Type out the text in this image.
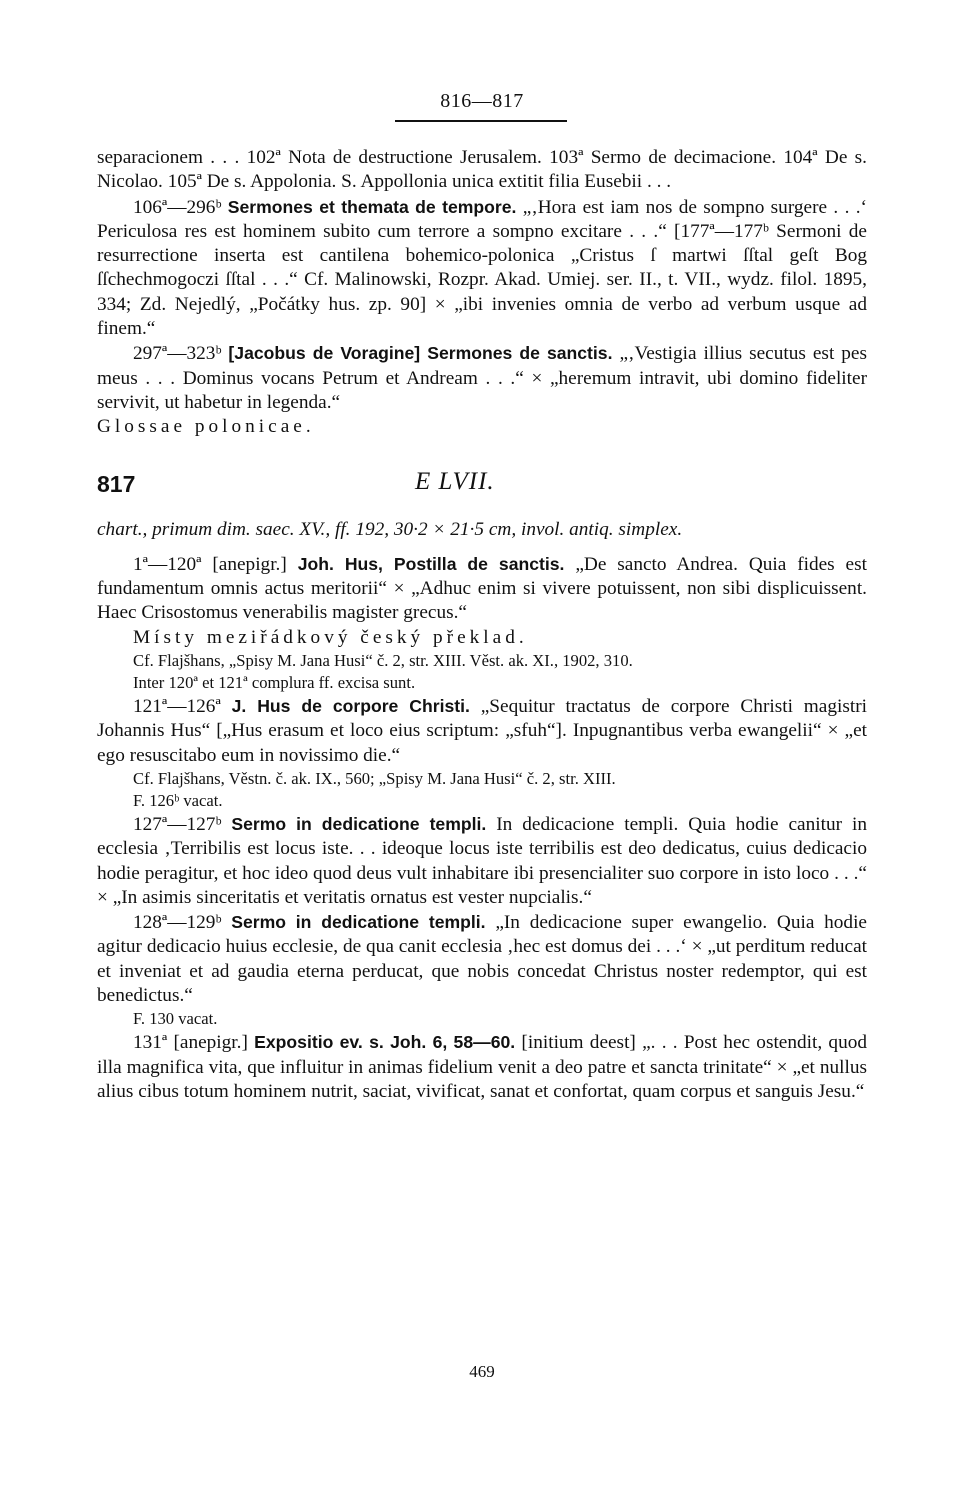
816—817

separacionem . . . 102ª Nota de destructione Jerusalem. 103ª Sermo de decimacione. 104ª De s. Nicolao. 105ª De s. Appolonia. S. Appollonia unica extitit filia Eusebii . . .

106ª—296ᵇ Sermones et themata de tempore. „‚Hora est iam nos de sompno surgere . . .‘ Periculosa res est hominem subito cum terrore a sompno excitare . . .“ [177ª—177ᵇ Sermoni de resurrectione inserta est cantilena bohemico-polonica „Cristus ſ martwi ſſtal geſt Bog ſſchechmogoczi ſſtal . . .“ Cf. Malinowski, Rozpr. Akad. Umiej. ser. II., t. VII., wydz. filol. 1895, 334; Zd. Nejedlý, „Počátky hus. zp. 90] × „ibi invenies omnia de verbo ad verbum usque ad finem.“

297ª—323ᵇ [Jacobus de Voragine] Sermones de sanctis. „‚Vestigia illius secutus est pes meus . . . Dominus vocans Petrum et Andream . . .“ × „heremum intravit, ubi domino fideliter servivit, ut habetur in legenda.“

Glossae polonicae.

817	E LVII.

chart., primum dim. saec. XV., ff. 192, 30·2 × 21·5 cm, invol. antiq. simplex.

1ª—120ª [anepigr.] Joh. Hus, Postilla de sanctis. „De sancto Andrea. Quia fides est fundamentum omnis actus meritorii“ × „Adhuc enim si vivere potuissent, non sibi displicuissent. Haec Crisostomus venerabilis magister grecus.“

Místy meziřádkový český překlad.

Cf. Flajšhans, „Spisy M. Jana Husi“ č. 2, str. XIII. Věst. ak. XI., 1902, 310.

Inter 120ª et 121ª complura ff. excisa sunt.

121ª—126ª J. Hus de corpore Christi. „Sequitur tractatus de corpore Christi magistri Johannis Hus“ [„Hus erasum et loco eius scriptum: „sfuh“]. Inpugnantibus verba ewangelii“ × „et ego resuscitabo eum in novissimo die.“

Cf. Flajšhans, Věstn. č. ak. IX., 560; „Spisy M. Jana Husi“ č. 2, str. XIII.

F. 126ᵇ vacat.

127ª—127ᵇ Sermo in dedicatione templi. In dedicacione templi. Quia hodie canitur in ecclesia ‚Terribilis est locus iste. . . ideoque locus iste terribilis est deo dedicatus, cuius dedicacio hodie peragitur, et hoc ideo quod deus vult inhabitare ibi presencialiter suo corpore in isto loco . . .“ × „In asimis sinceritatis et veritatis ornatus est vester nupcialis.“

128ª—129ᵇ Sermo in dedicatione templi. „In dedicacione super ewangelio. Quia hodie agitur dedicacio huius ecclesie, de qua canit ecclesia ‚hec est domus dei . . .‘ × „ut perditum reducat et inveniat et ad gaudia eterna perducat, que nobis concedat Christus noster redemptor, qui est benedictus.“

F. 130 vacat.

131ª [anepigr.] Expositio ev. s. Joh. 6, 58—60. [initium deest] „. . . Post hec ostendit, quod illa magnifica vita, que influitur in animas fidelium venit a deo patre et sancta trinitate“ × „et nullus alius cibus totum hominem nutrit, saciat, vivificat, sanat et confortat, quam corpus et sanguis Jesu.“

469
